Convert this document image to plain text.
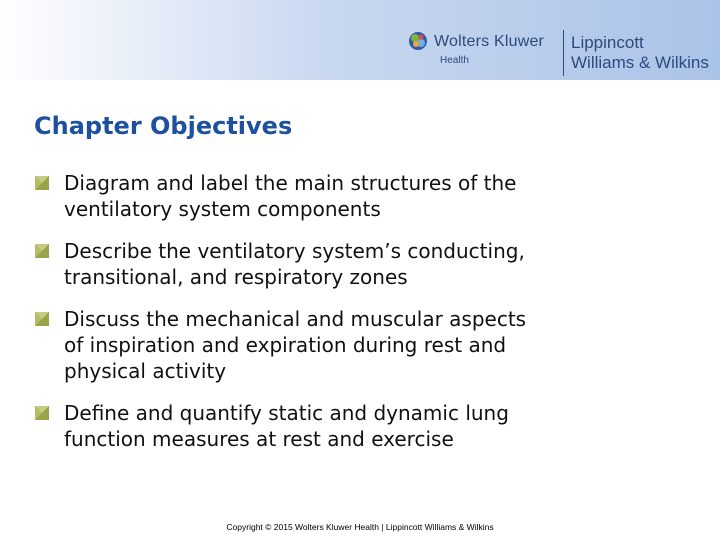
Wolters Kluwer
Health
Lippincott
Williams & Wilkins
Chapter Objectives
Diagram and label the main structures of the
ventilatory system components
Describe the ventilatory system’s conducting,
transitional, and respiratory zones
Discuss the mechanical and muscular aspects
of inspiration and expiration during rest and
physical activity
Define and quantify static and dynamic lung
function measures at rest and exercise
Copyright © 2015 Wolters Kluwer Health | Lippincott Williams & Wilkins
